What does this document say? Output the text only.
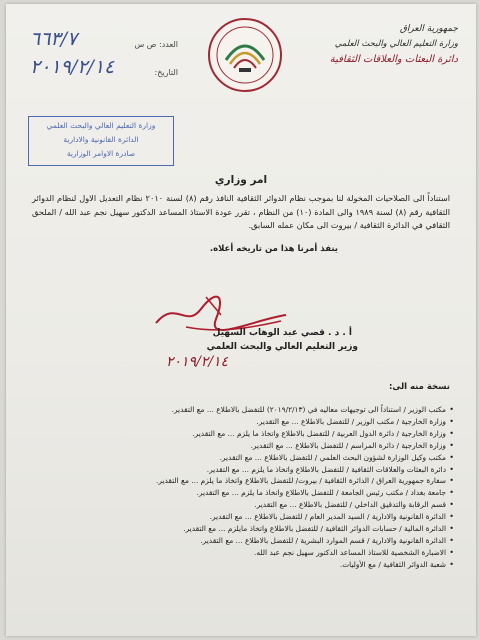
جمهورية العراق
وزارة التعليم العالي والبحث العلمي
دائرة البعثات والعلاقات الثقافية
العدد: ص س
٦٦٣/٧
التاريخ:
٢٠١٩/٢/١٤
وزارة التعليم العالي والبحث العلمي
الدائرة القانونية والادارية
صادرة الاوامر الوزارية
امر وزاري
استناداً الى الصلاحيات المخولة لنا بموجب نظام الدوائر الثقافية النافذ رقم (٨) لسنة ٢٠١٠ نظام التعديل الاول لنظام الدوائر الثقافية رقم (٨) لسنة ١٩٨٩ والى المادة (١٠) من النظام ، تقرر عودة الاستاذ المساعد الدكتور سهيل نجم عبد الله / الملحق الثقافي في الدائرة الثقافية / بيروت الى مكان عمله السابق.
ينفذ أمرنا هذا من تاريخه أعلاه.
أ . د . قصي عبد الوهاب السهيل
وزير التعليم العالي والبحث العلمي
٢٠١٩/٢/١٤
نسخة منه الى:
• مكتب الوزير / استناداً الى توجيهات معاليه في (٢٠١٩/٢/١٣) للتفضل بالاطلاع ... مع التقدير.
• وزارة الخارجية / مكتب الوزير / للتفضل بالاطلاع ... مع التقدير.
• وزارة الخارجية / دائرة الدول العربية / للتفضل بالاطلاع واتخاذ ما يلزم ... مع التقدير.
• وزارة الخارجية / دائرة المراسم / للتفضل بالاطلاع ... مع التقدير.
• مكتب وكيل الوزارة لشؤون البحث العلمي / للتفضل بالاطلاع ... مع التقدير.
• دائرة البعثات والعلاقات الثقافية / للتفضل بالاطلاع واتخاذ ما يلزم ... مع التقدير.
• سفارة جمهورية العراق / الدائرة الثقافية / بيروت/ للتفضل بالاطلاع واتخاذ ما يلزم ... مع التقدير.
• جامعة بغداد / مكتب رئيس الجامعة / للتفضل بالاطلاع واتخاذ ما يلزم ... مع التقدير.
• قسم الرقابة والتدقيق الداخلي / للتفضل بالاطلاع ... مع التقدير.
• الدائرة القانونية والادارية / السيد المدير العام / للتفضل بالاطلاع ... مع التقدير.
• الدائرة المالية / حسابات الدوائر الثقافية / للتفضل بالاطلاع واتخاذ مايلزم ... مع التقدير.
• الدائرة القانونية والادارية / قسم الموارد البشرية / للتفضل بالاطلاع ... مع التقدير.
• الاضبارة الشخصية للاستاذ المساعد الدكتور سهيل نجم عبد الله.
• شعبة الدوائر الثقافية / مع الأوليات.
